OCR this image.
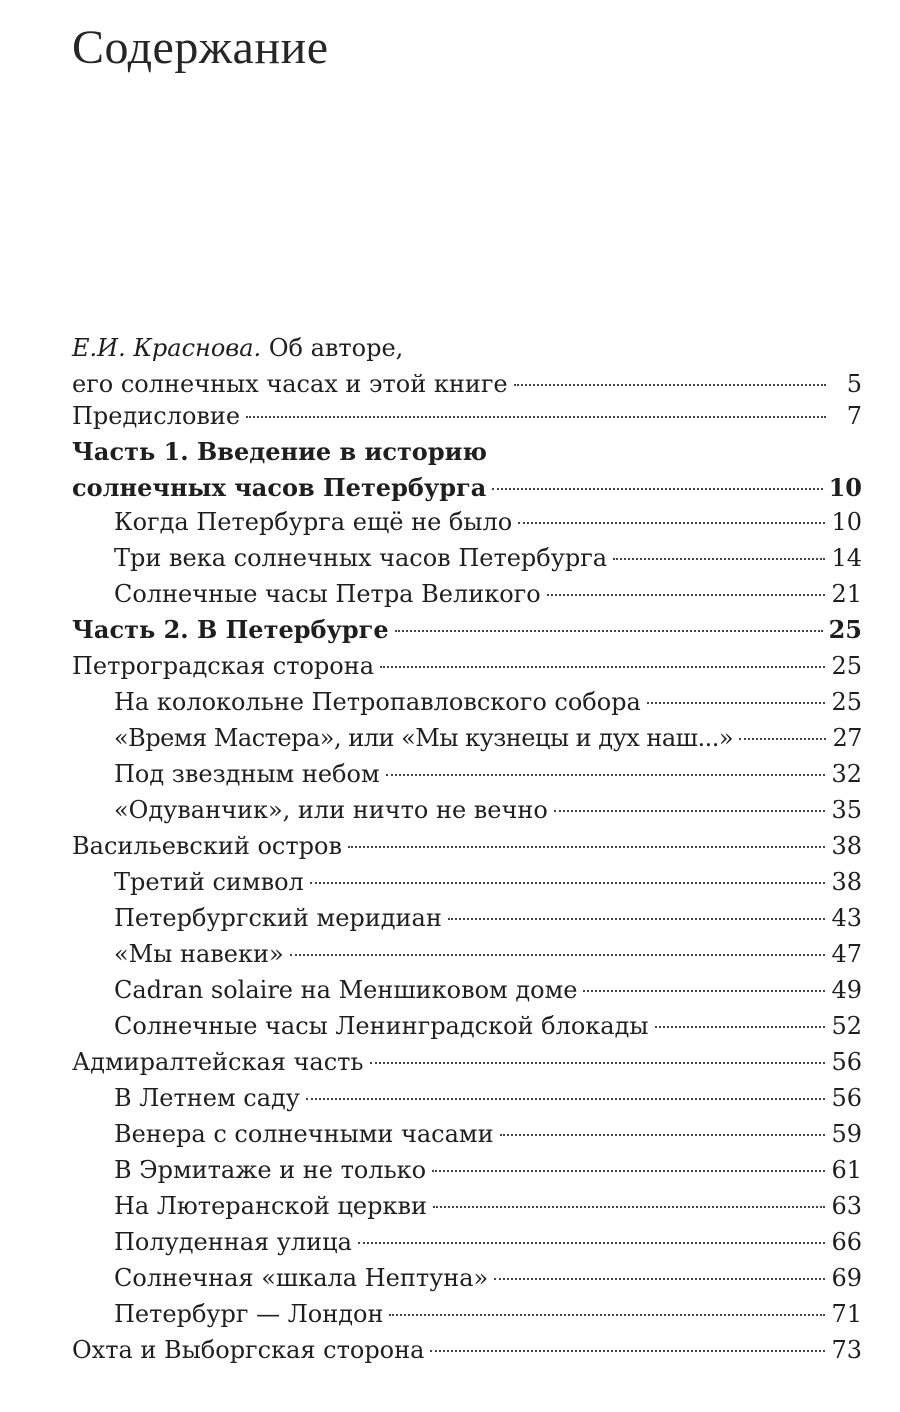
Содержание
Е.И. Краснова. Об авторе,
его солнечных часах и этой книге	5
Предисловие	7
Часть 1. Введение в историю
солнечных часов Петербурга	10
Когда Петербурга ещё не было	10
Три века солнечных часов Петербурга	14
Солнечные часы Петра Великого	21
Часть 2. В Петербурге	25
Петроградская сторона	25
На колокольне Петропавловского собора	25
«Время Мастера», или «Мы кузнецы и дух наш...»	27
Под звездным небом	32
«Одуванчик», или ничто не вечно	35
Васильевский остров	38
Третий символ	38
Петербургский меридиан	43
«Мы навеки»	47
Cadran solaire на Меншиковом доме	49
Солнечные часы Ленинградской блокады	52
Адмиралтейская часть	56
В Летнем саду	56
Венера с солнечными часами	59
В Эрмитаже и не только	61
На Лютеранской церкви	63
Полуденная улица	66
Солнечная «шкала Нептуна»	69
Петербург — Лондон	71
Охта и Выборгская сторона	73
